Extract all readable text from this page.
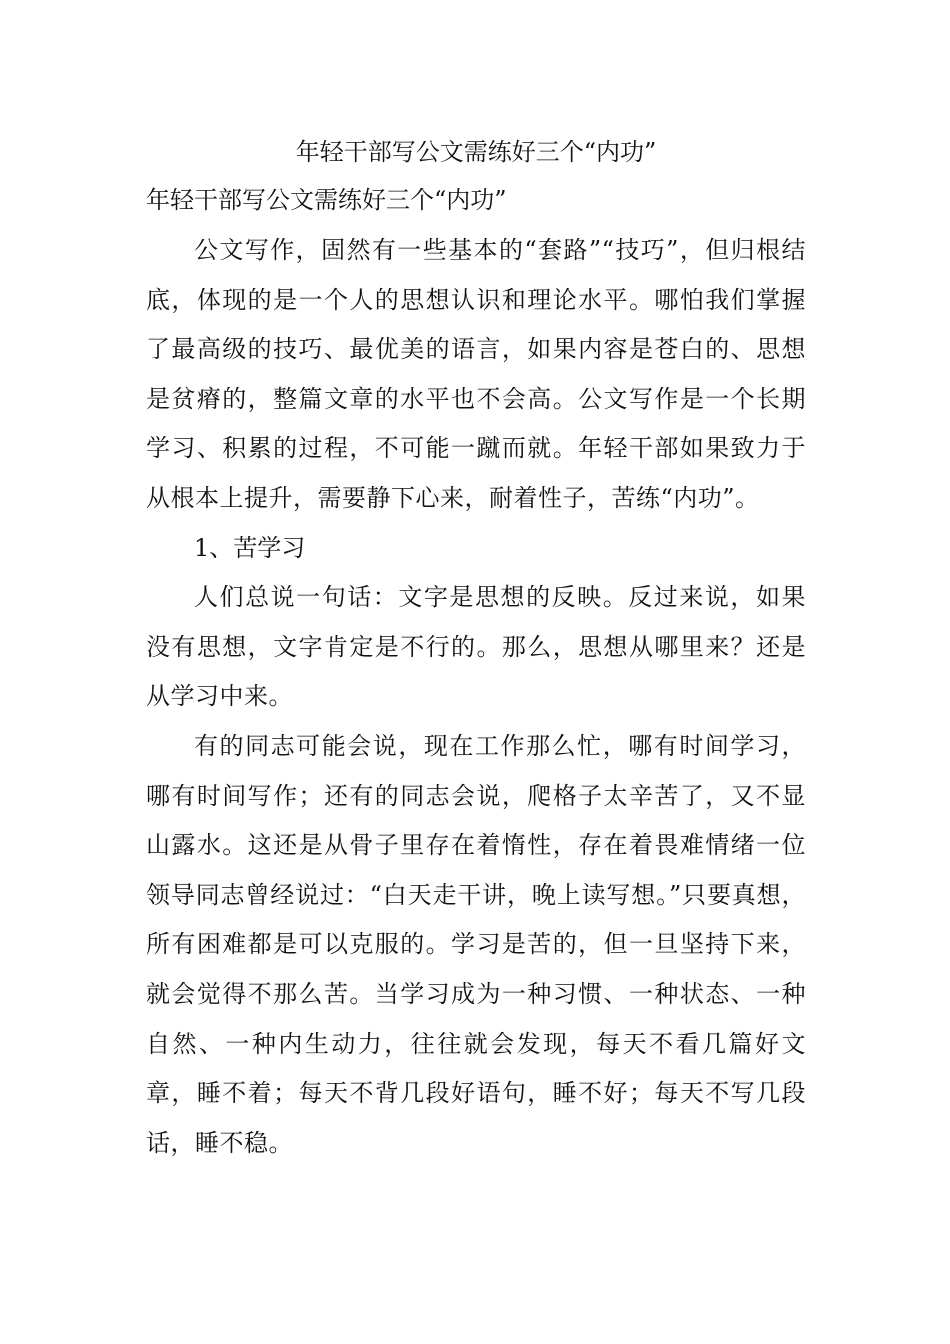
年轻干部写公文需练好三个“内功”

年轻干部写公文需练好三个“内功”

公文写作，固然有一些基本的“套路”“技巧”，但归根结底，体现的是一个人的思想认识和理论水平。哪怕我们掌握了最高级的技巧、最优美的语言，如果内容是苍白的、思想是贫瘠的，整篇文章的水平也不会高。公文写作是一个长期学习、积累的过程，不可能一蹴而就。年轻干部如果致力于从根本上提升，需要静下心来，耐着性子，苦练“内功”。

1、苦学习

人们总说一句话：文字是思想的反映。反过来说，如果没有思想，文字肯定是不行的。那么，思想从哪里来？还是从学习中来。

有的同志可能会说，现在工作那么忙，哪有时间学习，哪有时间写作；还有的同志会说，爬格子太辛苦了，又不显山露水。这还是从骨子里存在着惰性，存在着畏难情绪一位领导同志曾经说过：“白天走干讲，晚上读写想。”只要真想，所有困难都是可以克服的。学习是苦的，但一旦坚持下来，就会觉得不那么苦。当学习成为一种习惯、一种状态、一种自然、一种内生动力，往往就会发现，每天不看几篇好文章，睡不着；每天不背几段好语句，睡不好；每天不写几段话，睡不稳。
